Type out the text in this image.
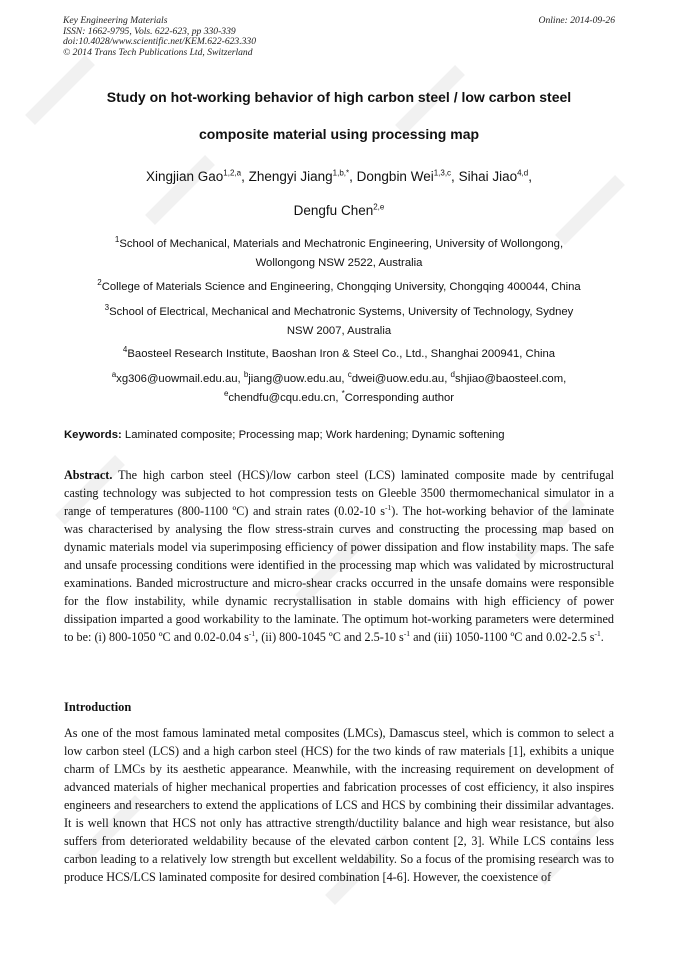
Key Engineering Materials
ISSN: 1662-9795, Vols. 622-623, pp 330-339
doi:10.4028/www.scientific.net/KEM.622-623.330
© 2014 Trans Tech Publications Ltd, Switzerland
Online: 2014-09-26
Study on hot-working behavior of high carbon steel / low carbon steel
composite material using processing map
Xingjian Gao$^{1,2,a}$, Zhengyi Jiang$^{1,b,*}$, Dongbin Wei$^{1,3,c}$, Sihai Jiao$^{4,d}$,
Dengfu Chen$^{2,e}$
$^1$School of Mechanical, Materials and Mechatronic Engineering, University of Wollongong,
Wollongong NSW 2522, Australia
$^2$College of Materials Science and Engineering, Chongqing University, Chongqing 400044, China
$^3$School of Electrical, Mechanical and Mechatronic Systems, University of Technology, Sydney
NSW 2007, Australia
$^4$Baosteel Research Institute, Baoshan Iron & Steel Co., Ltd., Shanghai 200941, China
$^a$xg306@uowmail.edu.au, $^b$jiang@uow.edu.au, $^c$dwei@uow.edu.au, $^d$shjiao@baosteel.com,
$^e$chendfu@cqu.edu.cn, *Corresponding author
Keywords: Laminated composite; Processing map; Work hardening; Dynamic softening
Abstract. The high carbon steel (HCS)/low carbon steel (LCS) laminated composite made by centrifugal casting technology was subjected to hot compression tests on Gleeble 3500 thermomechanical simulator in a range of temperatures (800-1100 ºC) and strain rates (0.02-10 $s^{-1}$). The hot-working behavior of the laminate was characterised by analysing the flow stress-strain curves and constructing the processing map based on dynamic materials model via superimposing efficiency of power dissipation and flow instability maps. The safe and unsafe processing conditions were identified in the processing map which was validated by microstructural examinations. Banded microstructure and micro-shear cracks occurred in the unsafe domains were responsible for the flow instability, while dynamic recrystallisation in stable domains with high efficiency of power dissipation imparted a good workability to the laminate. The optimum hot-working parameters were determined to be: (i) 800-1050 ºC and 0.02-0.04 $s^{-1}$, (ii) 800-1045 ºC and 2.5-10 $s^{-1}$ and (iii) 1050-1100 ºC and 0.02-2.5 $s^{-1}$.
Introduction
As one of the most famous laminated metal composites (LMCs), Damascus steel, which is common to select a low carbon steel (LCS) and a high carbon steel (HCS) for the two kinds of raw materials [1], exhibits a unique charm of LMCs by its aesthetic appearance. Meanwhile, with the increasing requirement on development of advanced materials of higher mechanical properties and fabrication processes of cost efficiency, it also inspires engineers and researchers to extend the applications of LCS and HCS by combining their dissimilar advantages. It is well known that HCS not only has attractive strength/ductility balance and high wear resistance, but also suffers from deteriorated weldability because of the elevated carbon content [2, 3]. While LCS contains less carbon leading to a relatively low strength but excellent weldability. So a focus of the promising research was to produce HCS/LCS laminated composite for desired combination [4-6]. However, the coexistence of
